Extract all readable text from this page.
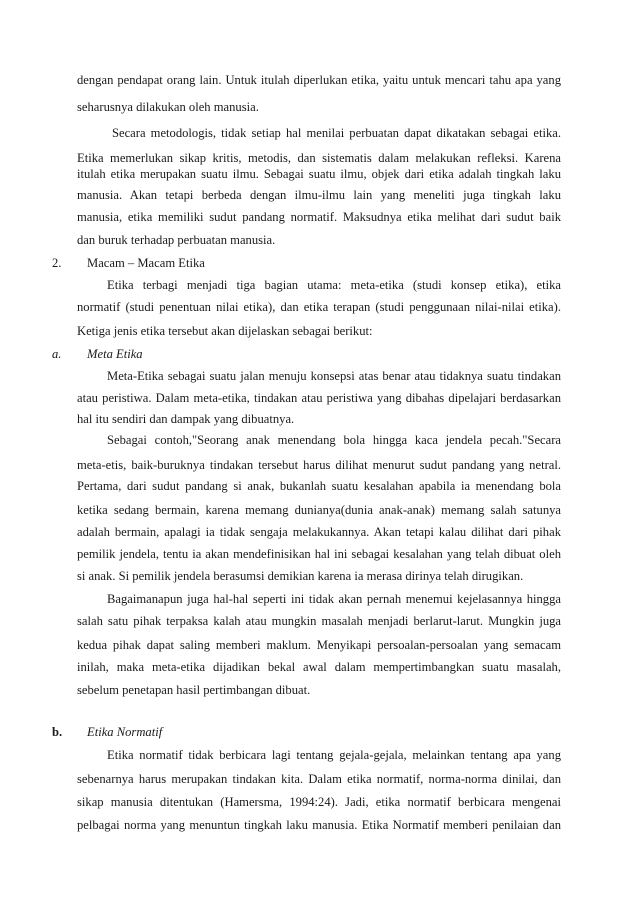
dengan pendapat orang lain. Untuk itulah diperlukan etika, yaitu untuk mencari tahu apa yang
seharusnya dilakukan oleh manusia.
Secara metodologis, tidak setiap hal menilai perbuatan dapat dikatakan sebagai etika.
Etika memerlukan sikap kritis, metodis, dan sistematis dalam melakukan refleksi. Karena
itulah etika merupakan suatu ilmu. Sebagai suatu ilmu, objek dari etika adalah tingkah laku
manusia. Akan tetapi berbeda dengan ilmu-ilmu lain yang meneliti juga tingkah laku
manusia, etika memiliki sudut pandang normatif. Maksudnya etika melihat dari sudut baik
dan buruk terhadap perbuatan manusia.
2.	Macam – Macam Etika
Etika terbagi menjadi tiga bagian utama: meta-etika (studi konsep etika), etika
normatif (studi penentuan nilai etika), dan etika terapan (studi penggunaan nilai-nilai etika).
Ketiga jenis etika tersebut akan dijelaskan sebagai berikut:
a.	Meta Etika
Meta-Etika sebagai suatu jalan menuju konsepsi atas benar atau tidaknya suatu tindakan
atau peristiwa. Dalam meta-etika, tindakan atau peristiwa yang dibahas dipelajari berdasarkan
hal itu sendiri dan dampak yang dibuatnya.
Sebagai contoh,"Seorang anak menendang bola hingga kaca jendela pecah."Secara
meta-etis, baik-buruknya tindakan tersebut harus dilihat menurut sudut pandang yang netral.
Pertama, dari sudut pandang si anak, bukanlah suatu kesalahan apabila ia menendang bola
ketika sedang bermain, karena memang dunianya(dunia anak-anak) memang salah satunya
adalah bermain, apalagi ia tidak sengaja melakukannya. Akan tetapi kalau dilihat dari pihak
pemilik jendela, tentu ia akan mendefinisikan hal ini sebagai kesalahan yang telah dibuat oleh
si anak. Si pemilik jendela berasumsi demikian karena ia merasa dirinya telah dirugikan.
Bagaimanapun juga hal-hal seperti ini tidak akan pernah menemui kejelasannya hingga
salah satu pihak terpaksa kalah atau mungkin masalah menjadi berlarut-larut. Mungkin juga
kedua pihak dapat saling memberi maklum. Menyikapi persoalan-persoalan yang semacam
inilah, maka meta-etika dijadikan bekal awal dalam mempertimbangkan suatu masalah,
sebelum penetapan hasil pertimbangan dibuat.
b.	Etika Normatif
Etika normatif tidak berbicara lagi tentang gejala-gejala, melainkan tentang apa yang
sebenarnya harus merupakan tindakan kita. Dalam etika normatif, norma-norma dinilai, dan
sikap manusia ditentukan (Hamersma, 1994:24). Jadi, etika normatif berbicara mengenai
pelbagai norma yang menuntun tingkah laku manusia. Etika Normatif memberi penilaian dan
